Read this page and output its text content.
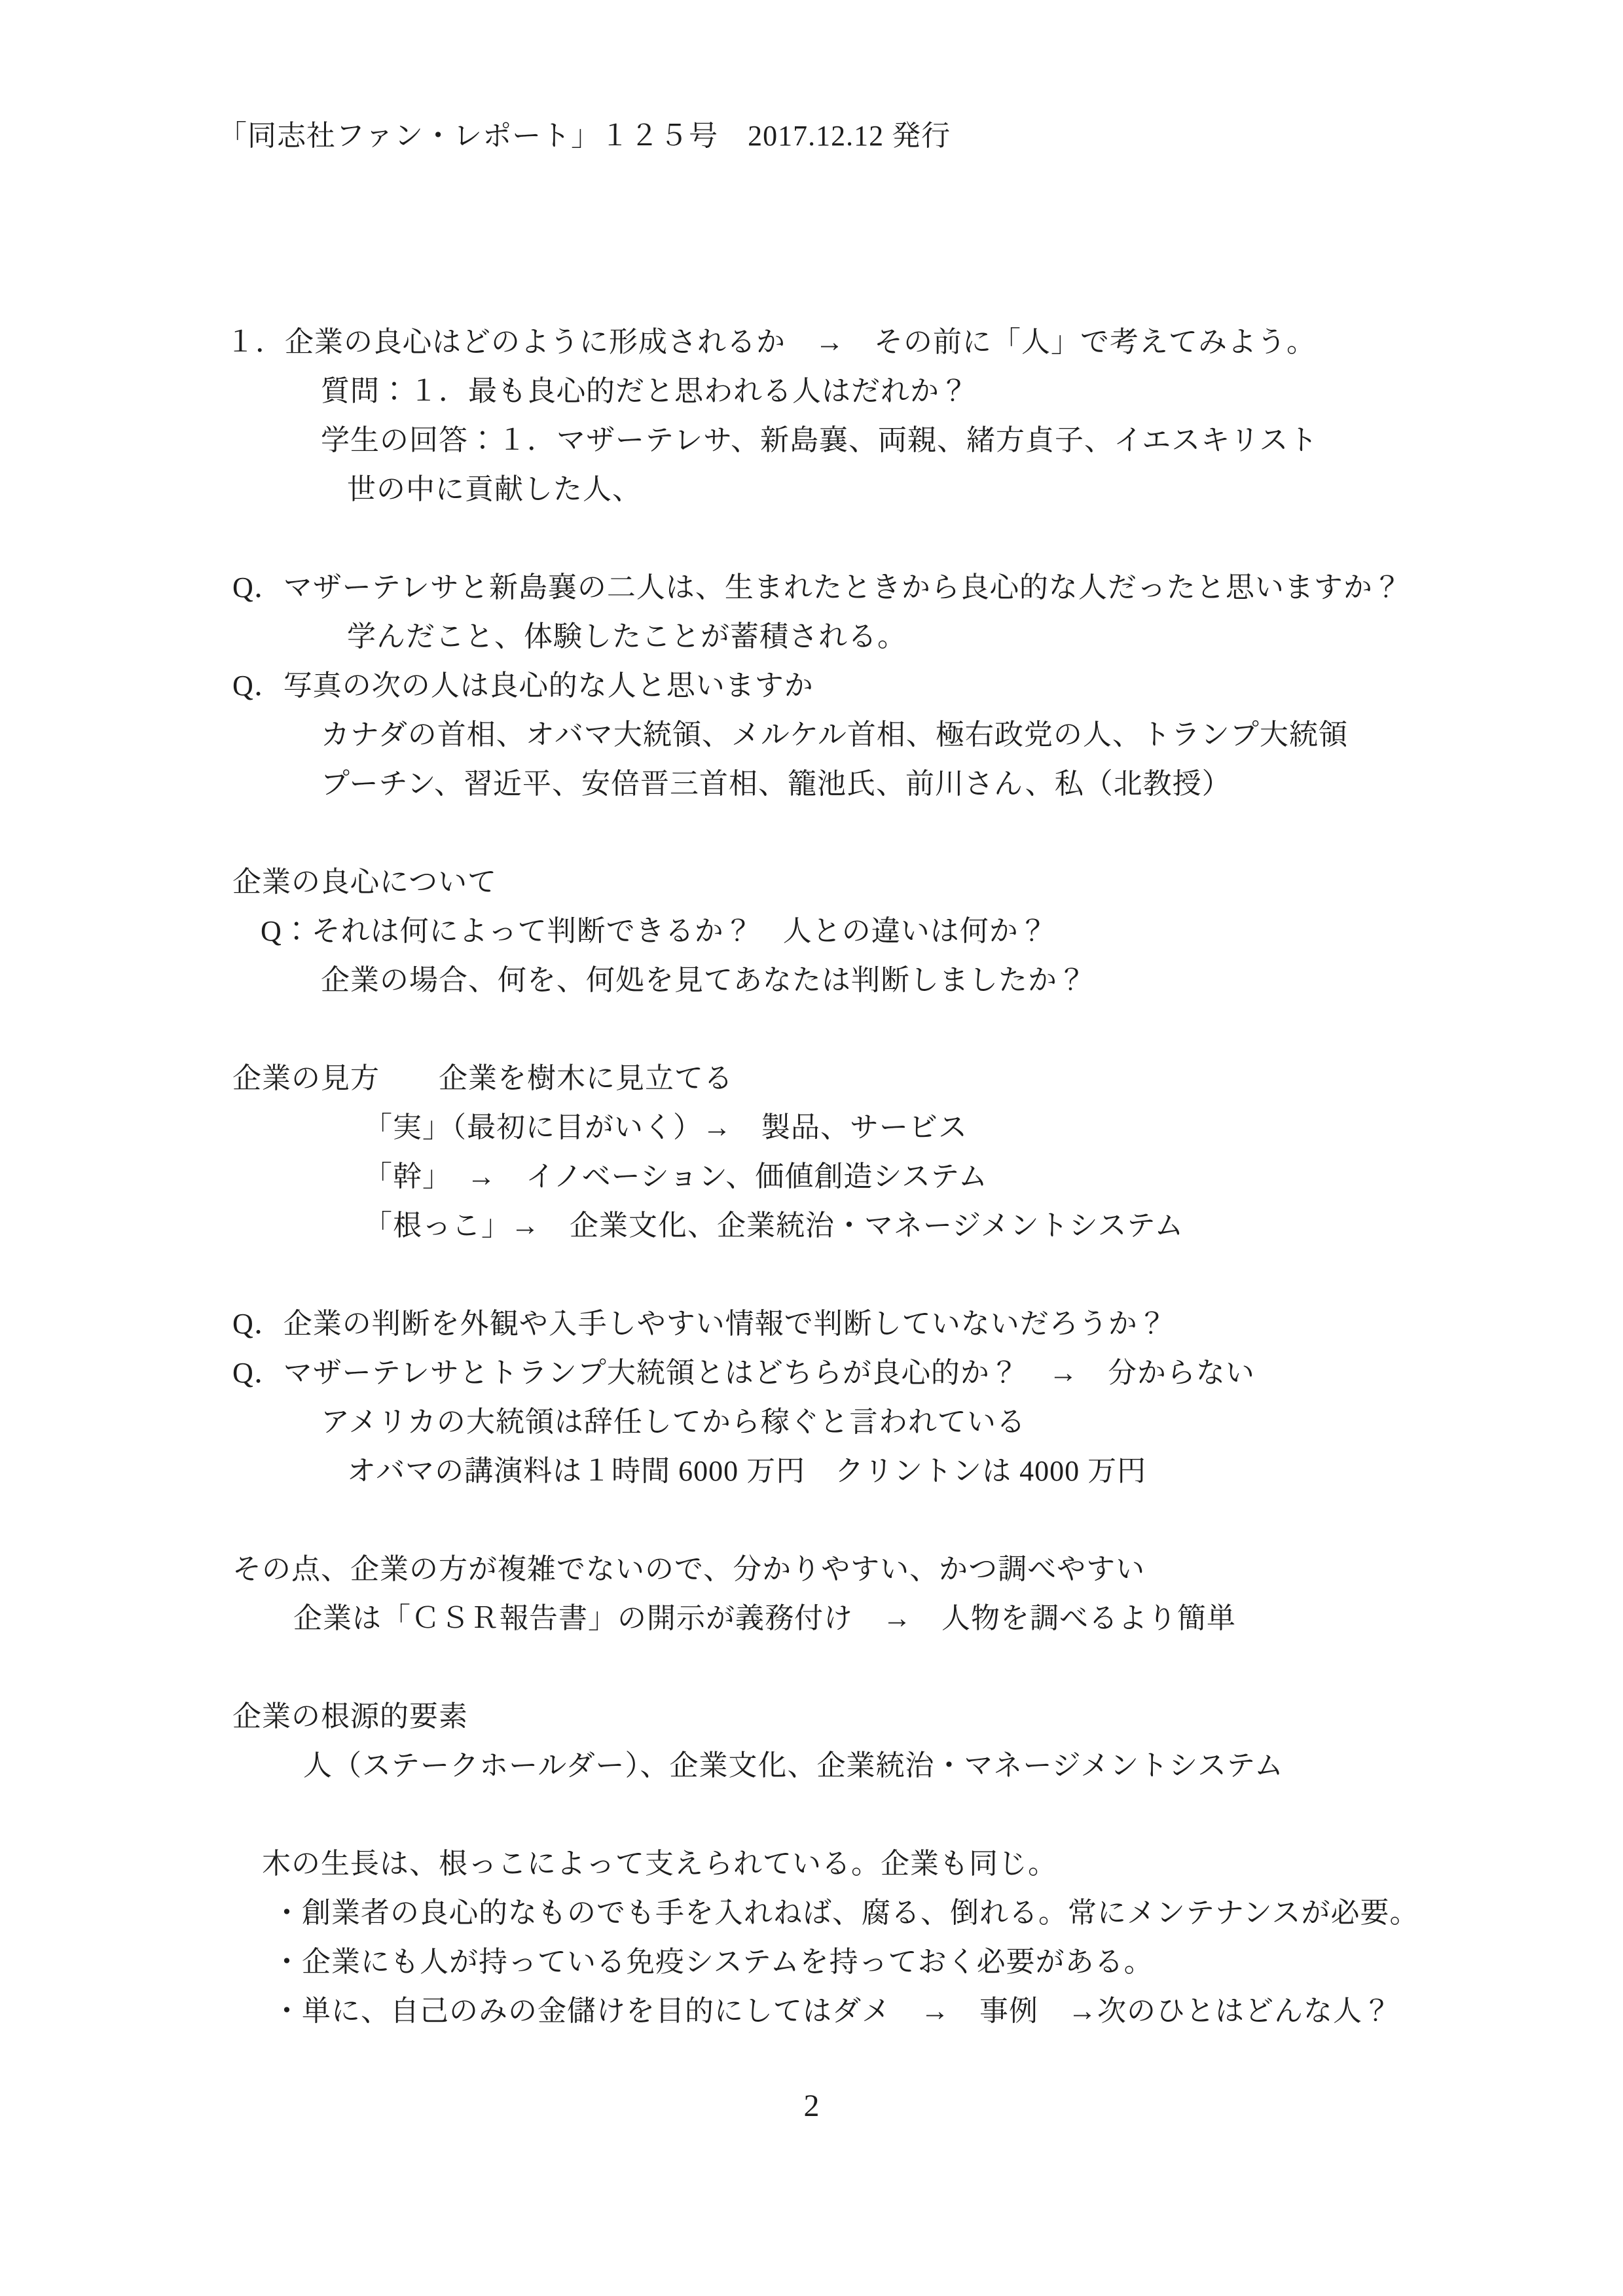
「同志社ファン・レポート」１２５号　2017.12.12 発行
１．企業の良心はどのように形成されるか　→　その前に「人」で考えてみよう。
質問：１．最も良心的だと思われる人はだれか？
学生の回答：１．マザーテレサ、新島襄、両親、緒方貞子、イエスキリスト
世の中に貢献した人、
Q．マザーテレサと新島襄の二人は、生まれたときから良心的な人だったと思いますか？
学んだこと、体験したことが蓄積される。
Q．写真の次の人は良心的な人と思いますか
カナダの首相、オバマ大統領、メルケル首相、極右政党の人、トランプ大統領
プーチン、習近平、安倍晋三首相、籠池氏、前川さん、私（北教授）
企業の良心について
Q：それは何によって判断できるか？　人との違いは何か？
企業の場合、何を、何処を見てあなたは判断しましたか？
企業の見方　　企業を樹木に見立てる
「実」（最初に目がいく）→　製品、サービス
「幹」　→　イノベーション、価値創造システム
「根っこ」→　企業文化、企業統治・マネージメントシステム
Q．企業の判断を外観や入手しやすい情報で判断していないだろうか？
Q．マザーテレサとトランプ大統領とはどちらが良心的か？　→　分からない
アメリカの大統領は辞任してから稼ぐと言われている
オバマの講演料は１時間 6000 万円　クリントンは 4000 万円
その点、企業の方が複雑でないので、分かりやすい、かつ調べやすい
企業は「ＣＳＲ報告書」の開示が義務付け　→　人物を調べるより簡単
企業の根源的要素
人（ステークホールダー）、企業文化、企業統治・マネージメントシステム
木の生長は、根っこによって支えられている。企業も同じ。
・創業者の良心的なものでも手を入れねば、腐る、倒れる。常にメンテナンスが必要。
・企業にも人が持っている免疫システムを持っておく必要がある。
・単に、自己のみの金儲けを目的にしてはダメ　→　事例　→次のひとはどんな人？
2
